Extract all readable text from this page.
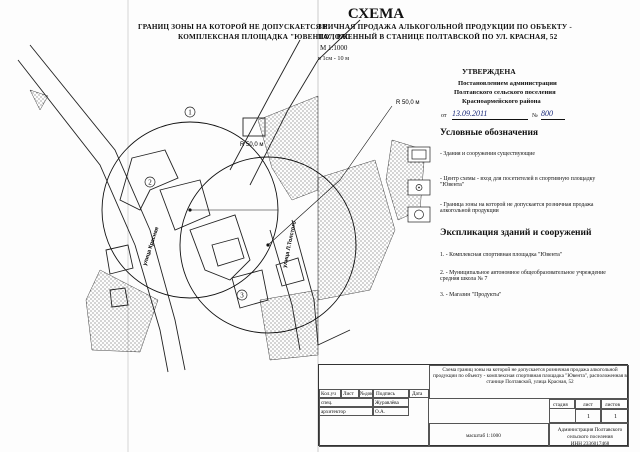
1
2
3
R 50,0 м
R 50,0 м
улица Красная	улица Л.Толстого
СХЕМА
ГРАНИЦ ЗОНЫ НА КОТОРОЙ НЕ ДОПУСКАЕТСЯ Р
ЗНИЧНАЯ ПРОДАЖА АЛЬКОГОЛЬНОЙ ПРОДУКЦИИ ПО ОБЪЕКТУ -
КОМПЛЕКСНАЯ ПЛОЩАДКА "ЮВЕНТА", РАС
ПОЛОЖЕННЫЙ В СТАНИЦЕ ПОЛТАВСКОЙ ПО УЛ. КРАСНАЯ, 52
М 1:1000
в 1см - 10 м
УТВЕРЖДЕНА
Постановлением администрации
Полтавского сельского поселения
Красноармейского района
от 13.09.2011	№ 800
Условные обозначения
- Здания и сооружения существующие
- Центр схемы - вход для посетителей в спортивную площадку "Ювента"
- Граница зоны на которой не допускается розничная продажа алкогольной продукции
Экспликация зданий и сооружений
1. - Комплексная спортивная площадка "Ювента"
2. - Муниципальное автономное общеобразовательное учреждение средняя школа № 7
3. - Магазин "Продукты"
Кол.уч Лист №док Подпись	Дата
спец.	Журавлёва
архитектор	О.А.
Схема границ зоны на которой не допускается розничная продажа алкогольной продукции по объекту - комплексная спортивная площадка "Ювента", расположенная в станице Полтавской, улица Красная, 52
стадия	лист листов
1	1
масштаб 1:1000
Администрация Полтавского
сельского поселения
ИНН 2336017468
